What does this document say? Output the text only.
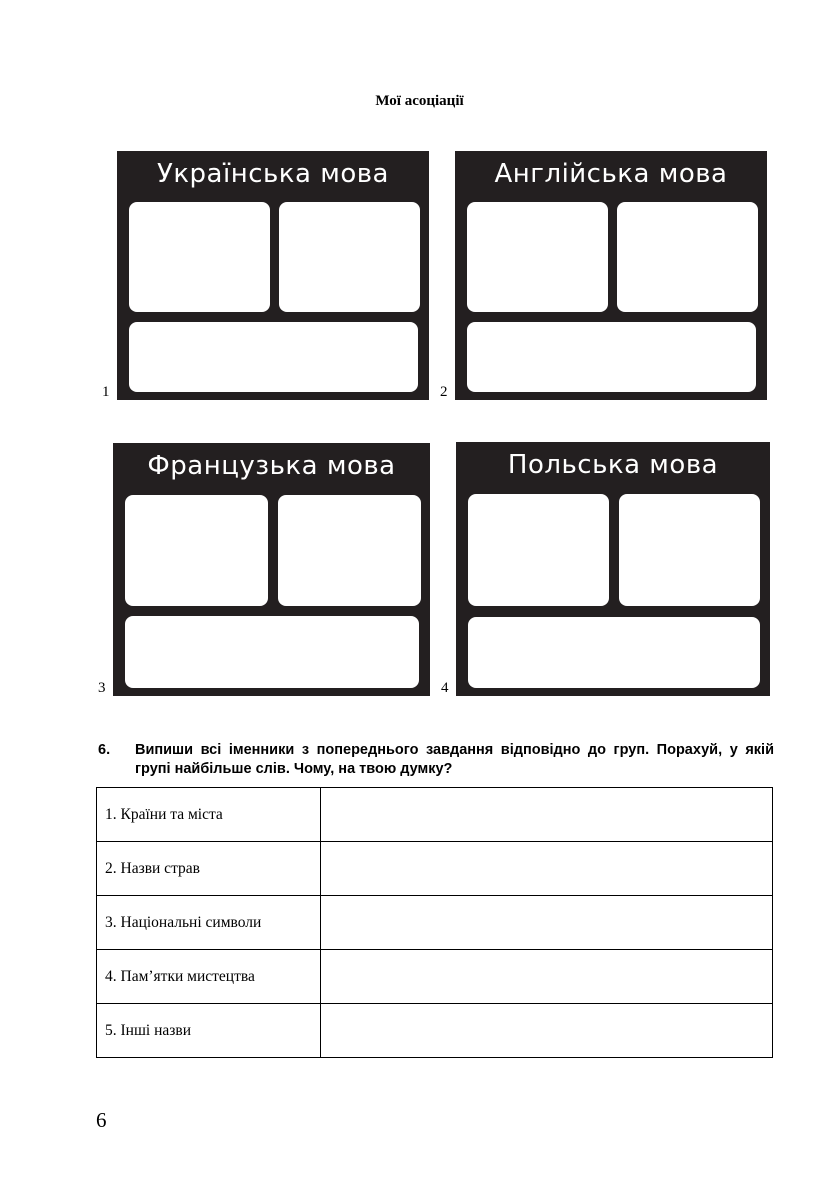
Мої асоціації
1
Українська мова
2
Англійська мова
3
Французька мова
4
Польська мова
6. Випиши всі іменники з попереднього завдання відповідно до груп. Порахуй, у якій групі найбільше слів. Чому, на твою думку?
1. Країни та міста	
2. Назви страв	
3. Національні символи	
4. Пам’ятки мистецтва	
5. Інші назви	
6
